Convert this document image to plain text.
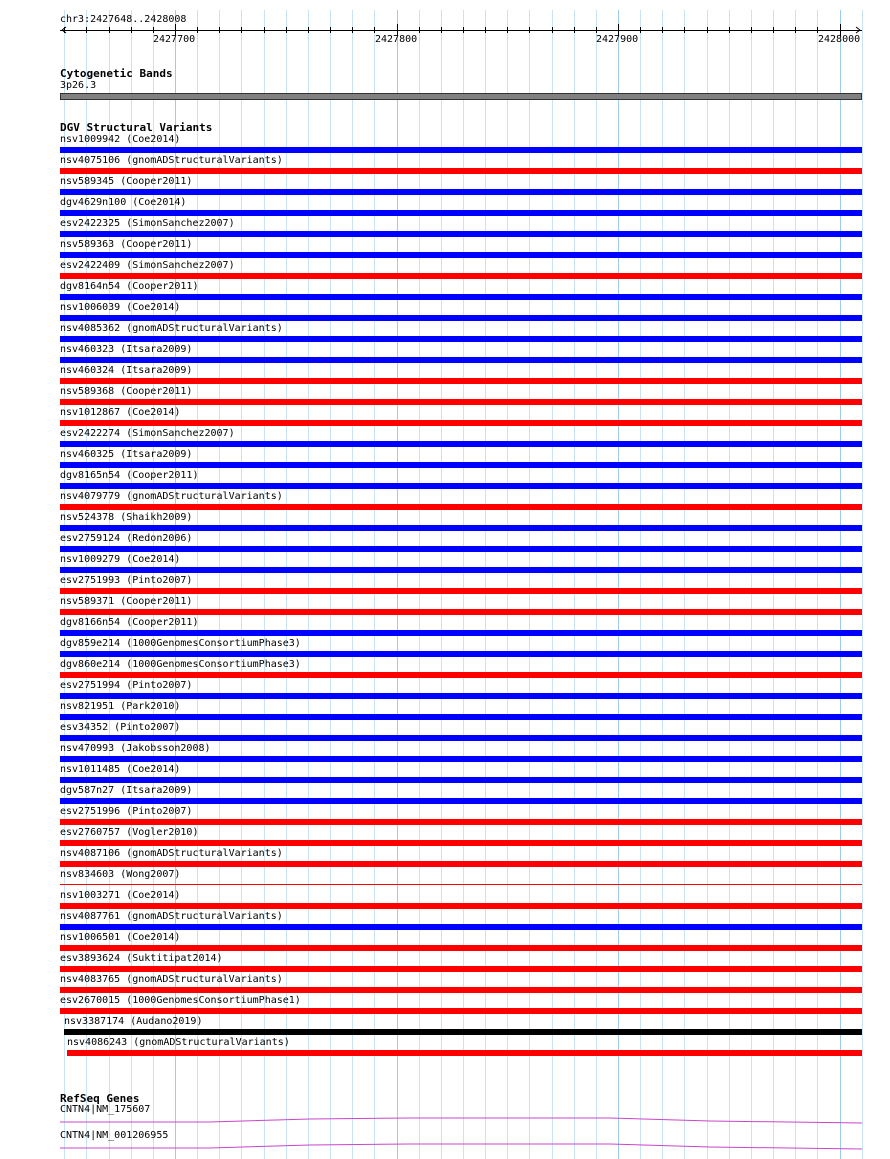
chr3:2427648..2428008
2427700	2427800	2427900	2428000
Cytogenetic Bands
3p26.3
DGV Structural Variants
nsv1009942 (Coe2014)
nsv4075106 (gnomADStructuralVariants)
nsv589345 (Cooper2011)
dgv4629n100 (Coe2014)
esv2422325 (SimonSanchez2007)
nsv589363 (Cooper2011)
esv2422409 (SimonSanchez2007)
dgv8164n54 (Cooper2011)
nsv1006039 (Coe2014)
nsv4085362 (gnomADStructuralVariants)
nsv460323 (Itsara2009)
nsv460324 (Itsara2009)
nsv589368 (Cooper2011)
nsv1012867 (Coe2014)
esv2422274 (SimonSanchez2007)
nsv460325 (Itsara2009)
dgv8165n54 (Cooper2011)
nsv4079779 (gnomADStructuralVariants)
nsv524378 (Shaikh2009)
esv2759124 (Redon2006)
nsv1009279 (Coe2014)
esv2751993 (Pinto2007)
nsv589371 (Cooper2011)
dgv8166n54 (Cooper2011)
dgv859e214 (1000GenomesConsortiumPhase3)
dgv860e214 (1000GenomesConsortiumPhase3)
esv2751994 (Pinto2007)
nsv821951 (Park2010)
esv34352 (Pinto2007)
nsv470993 (Jakobsson2008)
nsv1011485 (Coe2014)
dgv587n27 (Itsara2009)
esv2751996 (Pinto2007)
esv2760757 (Vogler2010)
nsv4087106 (gnomADStructuralVariants)
nsv834603 (Wong2007)
nsv1003271 (Coe2014)
nsv4087761 (gnomADStructuralVariants)
nsv1006501 (Coe2014)
esv3893624 (Suktitipat2014)
nsv4083765 (gnomADStructuralVariants)
esv2670015 (1000GenomesConsortiumPhase1)
nsv3387174 (Audano2019)
nsv4086243 (gnomADStructuralVariants)
RefSeq Genes
CNTN4|NM_175607
CNTN4|NM_001206955
